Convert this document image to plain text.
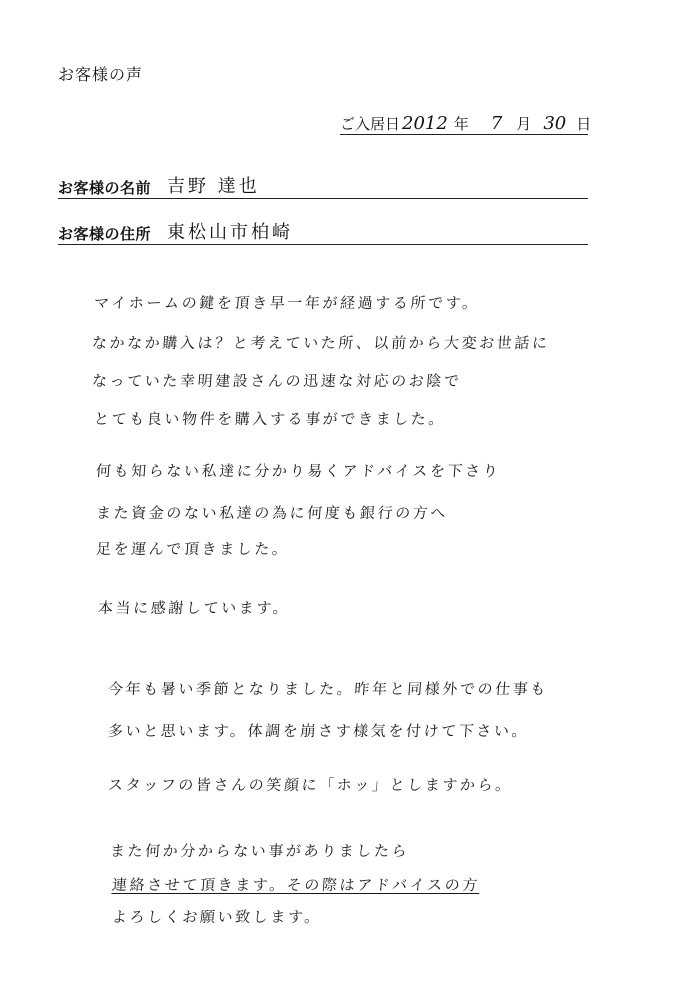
お客様の声
ご入居日 2012 年 7 月 30 日
お客様の名前 吉野 達也
お客様の住所 東松山市柏崎
マイホームの鍵を頂き早一年が経過する所です。
なかなか購入は？と考えていた所、以前から大変お世話に
なっていた幸明建設さんの迅速な対応のお陰で
とても良い物件を購入する事ができました。
何も知らない私達に分かり易くアドバイスを下さり
また資金のない私達の為に何度も銀行の方へ
足を運んで頂きました。
本当に感謝しています。
今年も暑い季節となりました。昨年と同様外での仕事も
多いと思います。体調を崩さす様気を付けて下さい。
スタッフの皆さんの笑顔に「ホッ」としますから。
また何か分からない事がありましたら
連絡させて頂きます。その際はアドバイスの方
よろしくお願い致します。
